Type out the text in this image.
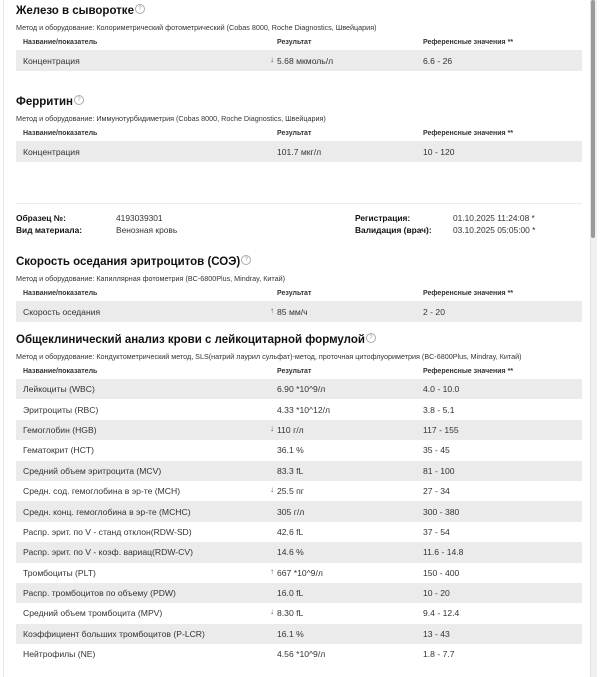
Железо в сыворотке ?
Метод и оборудование: Колориметрический фотометрический (Cobas 8000, Roche Diagnostics, Швейцария)
Название/показатель	Результат	Референсные значения **
Концентрация	↓ 5.68 мкмоль/л	6.6 - 26
Ферритин ?
Метод и оборудование: Иммунотурбидиметрия (Cobas 8000, Roche Diagnostics, Швейцария)
Название/показатель	Результат	Референсные значения **
Концентрация	101.7 мкг/л	10 - 120
Образец №:	4193039301	Регистрация:	01.10.2025 11:24:08 *
Вид материала:	Венозная кровь	Валидация (врач):	03.10.2025 05:05:00 *
Скорость оседания эритроцитов (СОЭ) ?
Метод и оборудование: Капиллярная фотометрия (BC-6800Plus, Mindray, Китай)
Название/показатель	Результат	Референсные значения **
Скорость оседания	↑ 85 мм/ч	2 - 20
Общеклинический анализ крови с лейкоцитарной формулой ?
Метод и оборудование: Кондуктометрический метод, SLS(натрий лаурил сульфат)-метод, проточная цитофлуориметрия (BC-6800Plus, Mindray, Китай)
Название/показатель	Результат	Референсные значения **
Лейкоциты (WBC)	6.90 *10^9/л	4.0 - 10.0
Эритроциты (RBC)	4.33 *10^12/л	3.8 - 5.1
Гемоглобин (HGB)	↓ 110 г/л	117 - 155
Гематокрит (HCT)	36.1 %	35 - 45
Средний объем эритроцита (MCV)	83.3 fL	81 - 100
Средн. сод. гемоглобина в эр-те (MCH)	↓ 25.5 пг	27 - 34
Средн. конц. гемоглобина в эр-те (MCHC)	305 г/л	300 - 380
Распр. эрит. по V - станд отклон(RDW-SD)	42.6 fL	37 - 54
Распр. эрит. по V - коэф. вариац(RDW-CV)	14.6 %	11.6 - 14.8
Тромбоциты (PLT)	↑ 667 *10^9/л	150 - 400
Распр. тромбоцитов по объему (PDW)	16.0 fL	10 - 20
Средний объем тромбоцита (MPV)	↓ 8.30 fL	9.4 - 12.4
Коэффициент больших тромбоцитов (P-LCR)	16.1 %	13 - 43
Нейтрофилы (NE)	4.56 *10^9/л	1.8 - 7.7
